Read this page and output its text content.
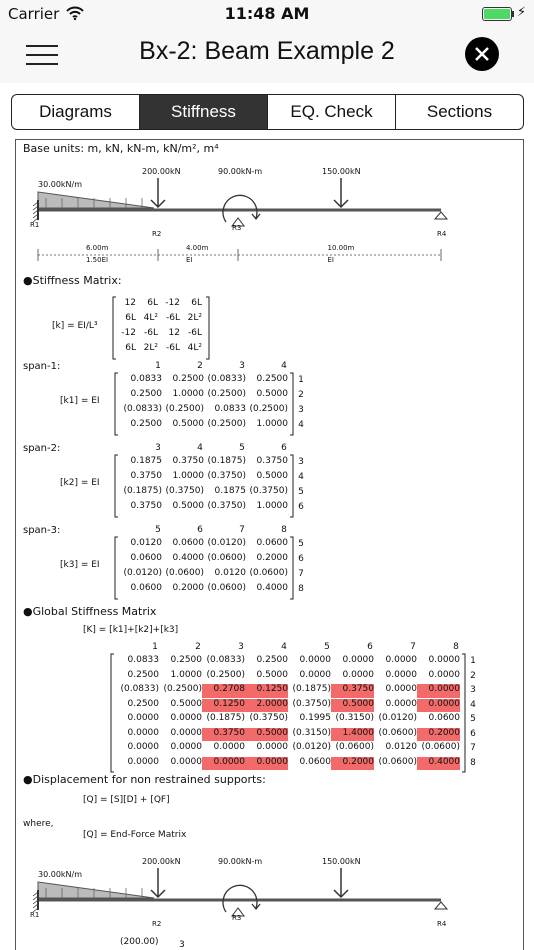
Carrier	11:48 AM	⚡
Bx-2: Beam Example 2
Diagrams	Stiffness	EQ. Check	Sections
Base units: m, kN, kN-m, kN/m², m⁴
30.00kN/m
200.00kN	90.00kN-m	150.00kN
R1
R2
R3
R4
6.00m
1.50EI
4.00m
EI
10.00m
EI
●Stiffness Matrix:
[k] = EI/L³
12	6L -12	6L
6L 4L² -6L 2L²
-12 -6L	12 -6L
6L 2L² -6L 4L²
span-1:
[k1] = EI
1	2	3	4
0.0833	0.2500 (0.0833)	0.2500	1
0.2500	1.0000 (0.2500)	0.5000	2
(0.0833) (0.2500)	0.0833 (0.2500)	3
0.2500	0.5000 (0.2500)	1.0000	4
span-2:
[k2] = EI
3	4	5	6
0.1875	0.3750 (0.1875)	0.3750	3
0.3750	1.0000 (0.3750)	0.5000	4
(0.1875) (0.3750)	0.1875 (0.3750)	5
0.3750	0.5000 (0.3750)	1.0000	6
span-3:
[k3] = EI
5	6	7	8
0.0120	0.0600 (0.0120)	0.0600	5
0.0600	0.4000 (0.0600)	0.2000	6
(0.0120) (0.0600)	0.0120 (0.0600)	7
0.0600	0.2000 (0.0600)	0.4000	8
●Global Stiffness Matrix
[K] = [k1]+[k2]+[k3]
1	2	3	4	5	6	7	8
0.0833	0.2500 (0.0833)	0.2500	0.0000	0.0000	0.0000	0.0000	1
0.2500	1.0000 (0.2500)	0.5000	0.0000	0.0000	0.0000	0.0000	2
(0.0833) (0.2500)	0.2708	0.1250 (0.1875)	0.3750	0.0000	0.0000	3
0.2500	0.5000	0.1250	2.0000 (0.3750)	0.5000	0.0000	0.0000	4
0.0000	0.0000 (0.1875) (0.3750)	0.1995 (0.3150) (0.0120)	0.0600	5
0.0000	0.0000	0.3750	0.5000 (0.3150)	1.4000 (0.0600)	0.2000	6
0.0000	0.0000	0.0000	0.0000 (0.0120) (0.0600)	0.0120 (0.0600)	7
0.0000	0.0000	0.0000	0.0000	0.0600	0.2000 (0.0600)	0.4000	8
●Displacement for non restrained supports:
[Q] = [S][D] + [QF]
where,
[Q] = End-Force Matrix
30.00kN/m
200.00kN	90.00kN-m	150.00kN
R1
R2
R3
R4
(200.00) 3
